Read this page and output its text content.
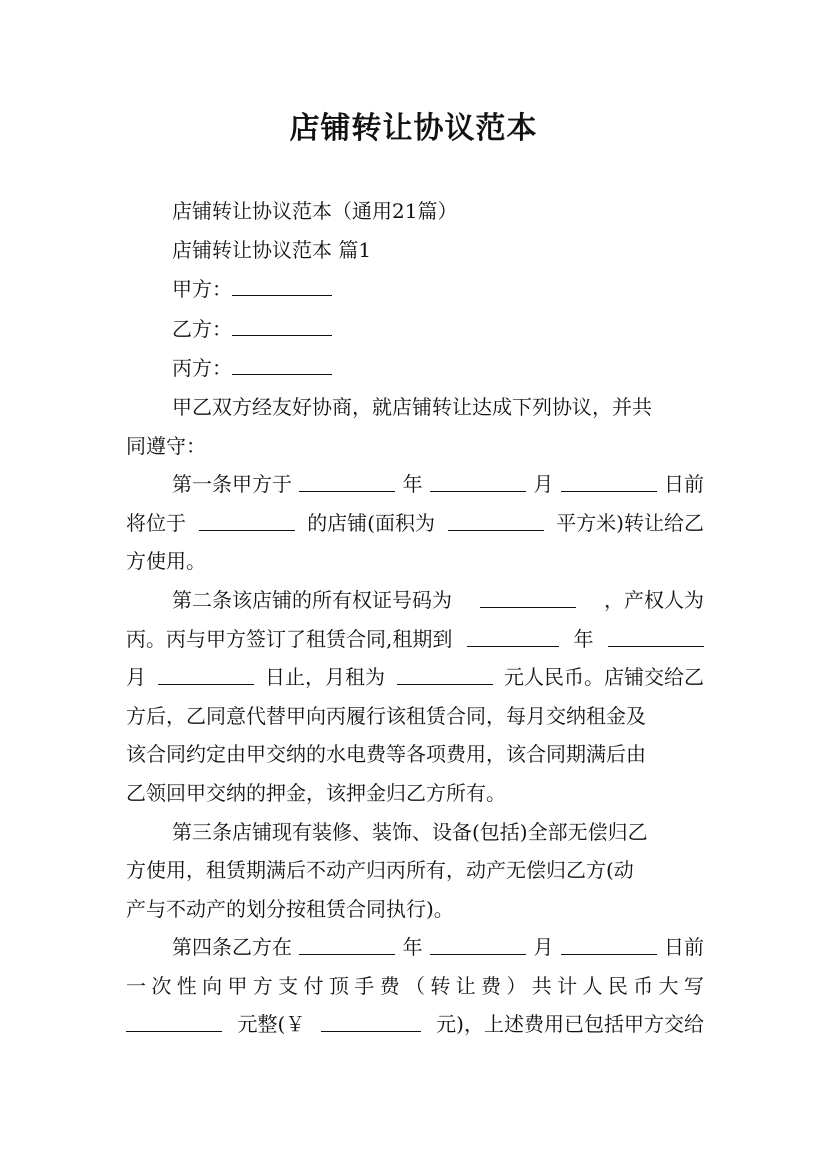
店铺转让协议范本
店铺转让协议范本（通用21篇）
店铺转让协议范本 篇1
甲方：
乙方：
丙方：
甲乙双方经友好协商，就店铺转让达成下列协议，并共
同遵守：
第一条甲方于	年	月	日前
将位于	的店铺(面积为	平方米)转让给乙
方使用。
第二条该店铺的所有权证号码为	，产权人为
丙。丙与甲方签订了租赁合同,租期到	年
月	日止，月租为	元人民币。店铺交给乙
方后，乙同意代替甲向丙履行该租赁合同，每月交纳租金及
该合同约定由甲交纳的水电费等各项费用，该合同期满后由
乙领回甲交纳的押金，该押金归乙方所有。
第三条店铺现有装修、装饰、设备(包括)全部无偿归乙
方使用，租赁期满后不动产归丙所有，动产无偿归乙方(动
产与不动产的划分按租赁合同执行)。
第四条乙方在	年	月	日前
一 次 性 向 甲 方 支 付 顶 手 费 （ 转 让 费 ） 共 计 人 民 币 大 写
元整(￥	元)，上述费用已包括甲方交给
